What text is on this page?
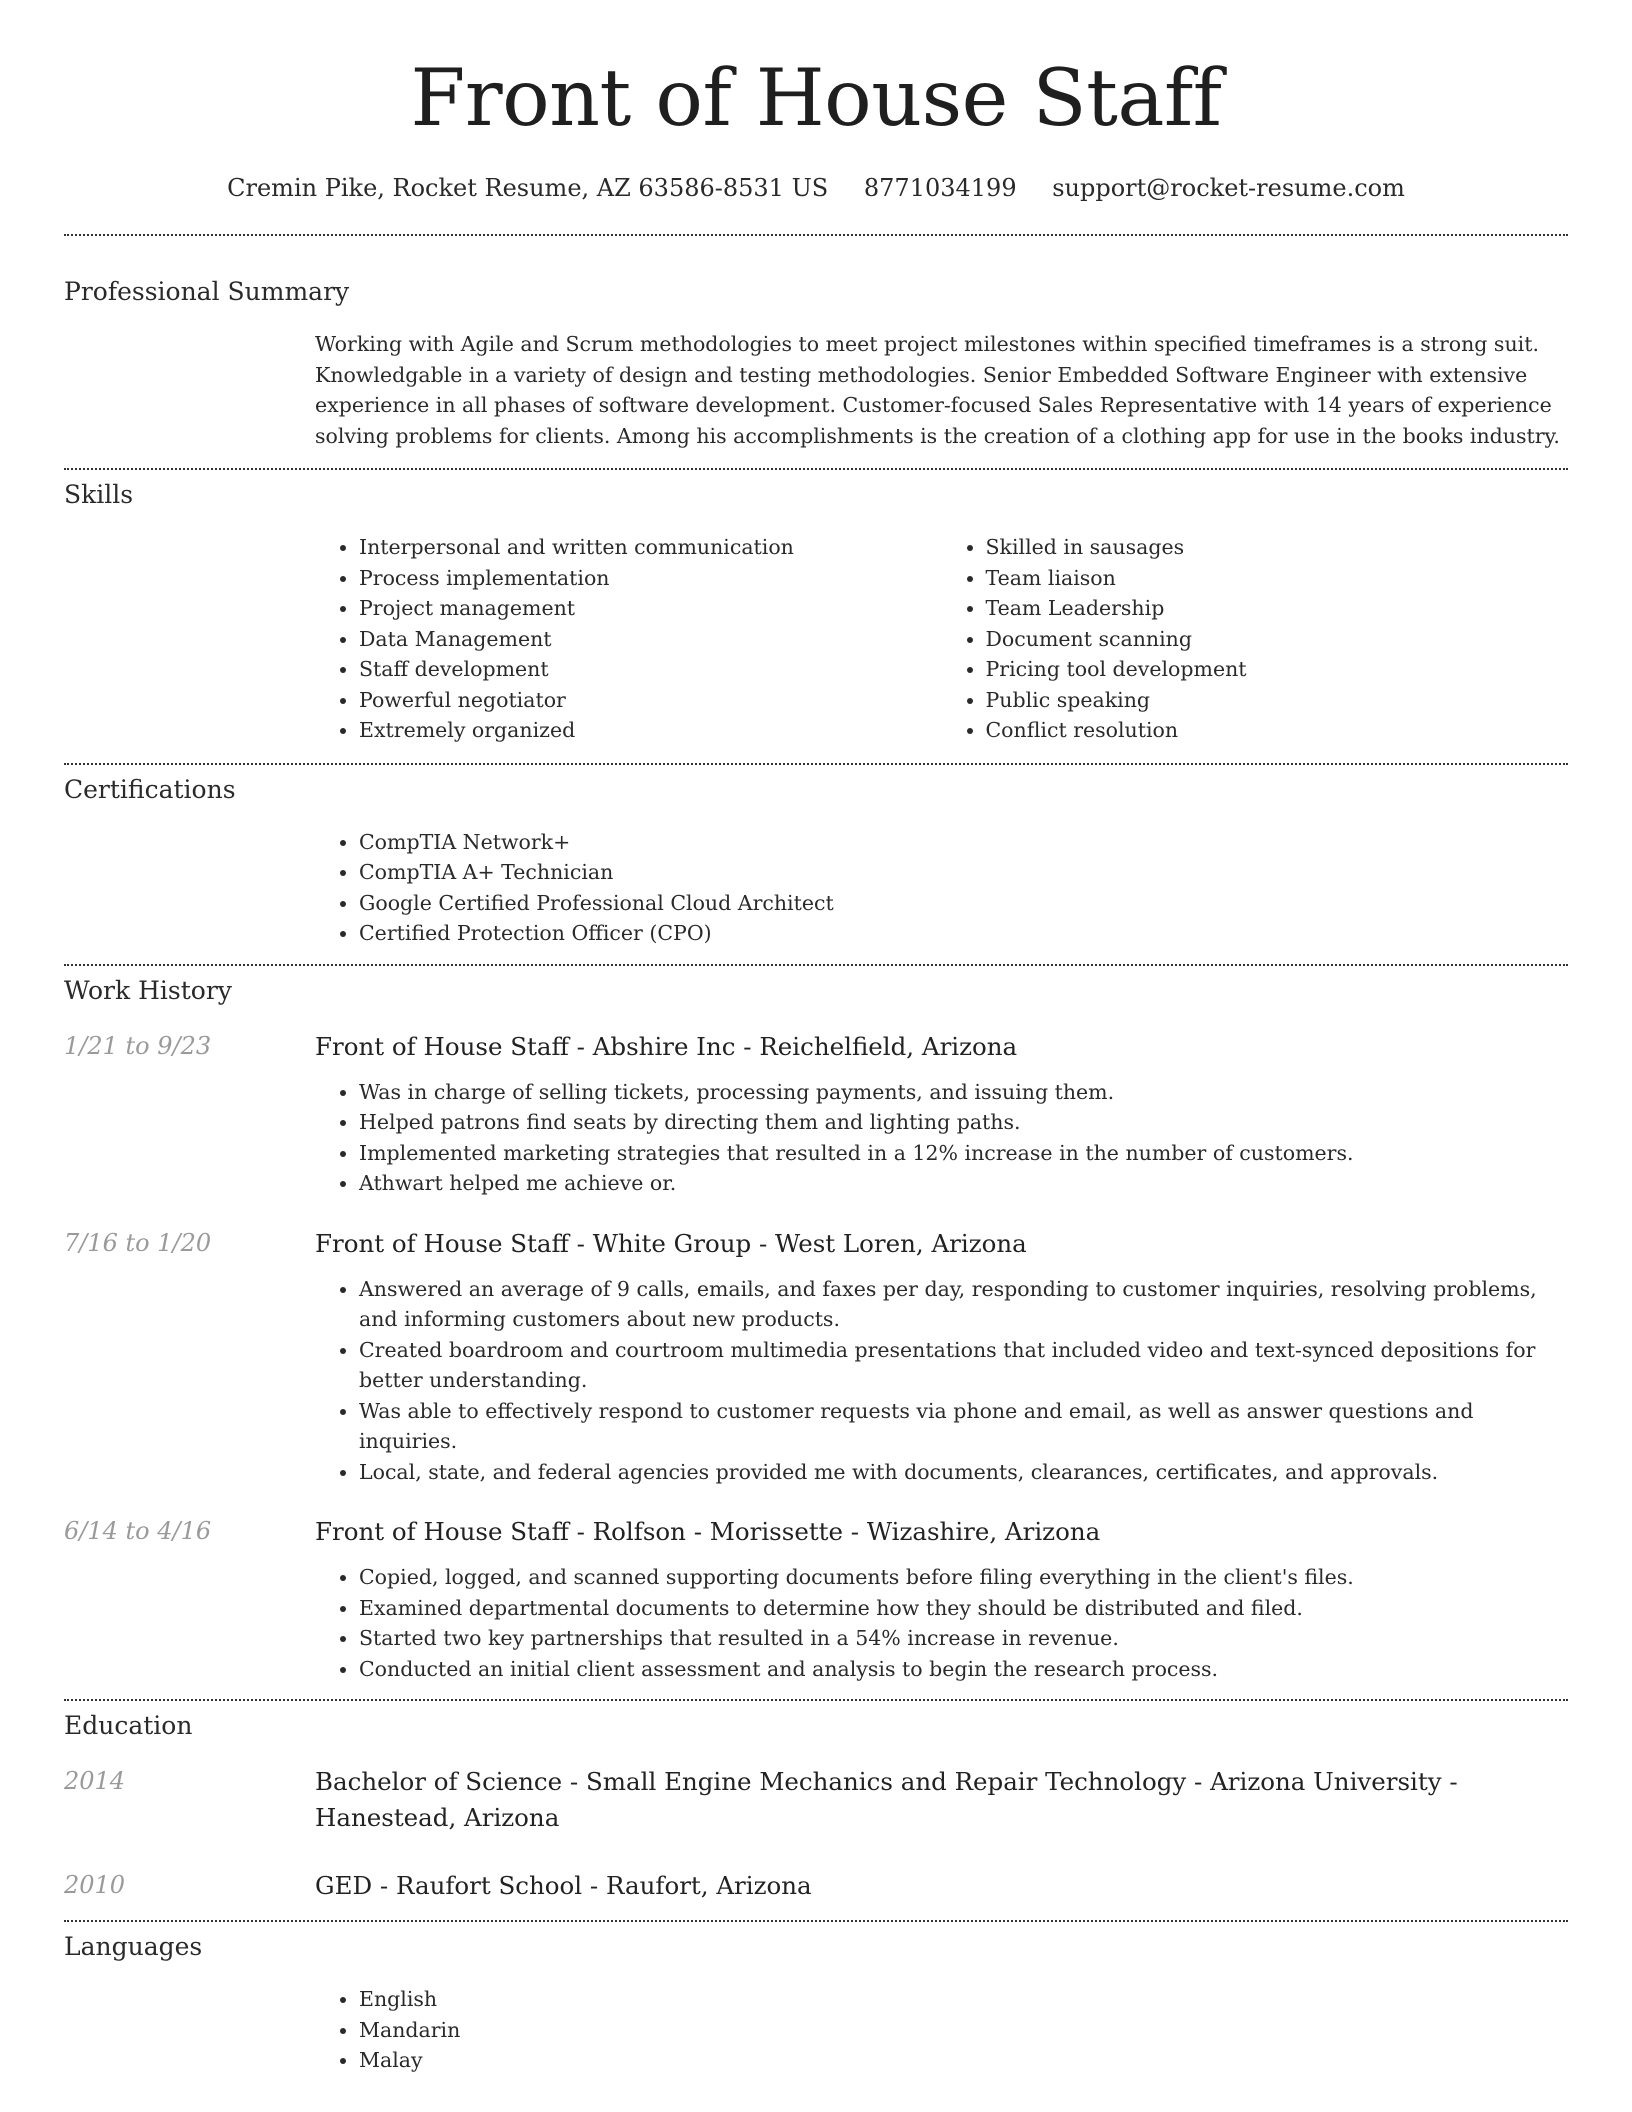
Front of House Staff
Cremin Pike, Rocket Resume, AZ 63586-8531 US 8771034199 support@rocket-resume.com
Professional Summary
Working with Agile and Scrum methodologies to meet project milestones within specified timeframes is a strong suit. Knowledgable in a variety of design and testing methodologies. Senior Embedded Software Engineer with extensive experience in all phases of software development. Customer-focused Sales Representative with 14 years of experience solving problems for clients. Among his accomplishments is the creation of a clothing app for use in the books industry.
Skills
• Interpersonal and written communication
• Process implementation
• Project management
• Data Management
• Staff development
• Powerful negotiator
• Extremely organized
• Skilled in sausages
• Team liaison
• Team Leadership
• Document scanning
• Pricing tool development
• Public speaking
• Conflict resolution
Certifications
• CompTIA Network+
• CompTIA A+ Technician
• Google Certified Professional Cloud Architect
• Certified Protection Officer (CPO)
Work History
1/21 to 9/23	Front of House Staff - Abshire Inc - Reichelfield, Arizona
• Was in charge of selling tickets, processing payments, and issuing them.
• Helped patrons find seats by directing them and lighting paths.
• Implemented marketing strategies that resulted in a 12% increase in the number of customers.
• Athwart helped me achieve or.
7/16 to 1/20	Front of House Staff - White Group - West Loren, Arizona
• Answered an average of 9 calls, emails, and faxes per day, responding to customer inquiries, resolving problems, and informing customers about new products.
• Created boardroom and courtroom multimedia presentations that included video and text-synced depositions for better understanding.
• Was able to effectively respond to customer requests via phone and email, as well as answer questions and inquiries.
• Local, state, and federal agencies provided me with documents, clearances, certificates, and approvals.
6/14 to 4/16	Front of House Staff - Rolfson - Morissette - Wizashire, Arizona
• Copied, logged, and scanned supporting documents before filing everything in the client's files.
• Examined departmental documents to determine how they should be distributed and filed.
• Started two key partnerships that resulted in a 54% increase in revenue.
• Conducted an initial client assessment and analysis to begin the research process.
Education
2014	Bachelor of Science - Small Engine Mechanics and Repair Technology - Arizona University - Hanestead, Arizona
2010	GED - Raufort School - Raufort, Arizona
Languages
• English
• Mandarin
• Malay
